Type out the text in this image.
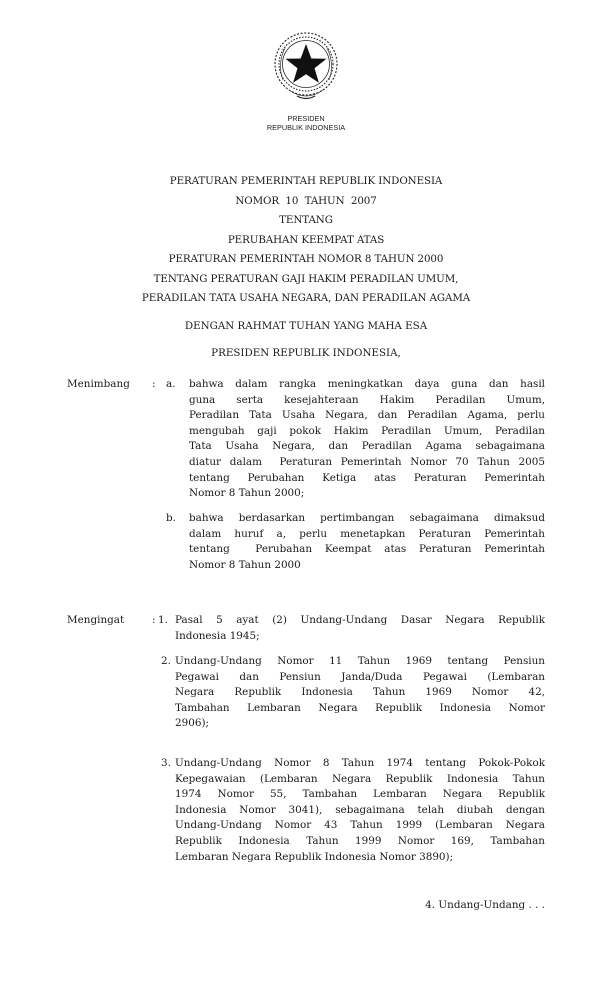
PRESIDEN
REPUBLIK INDONESIA
PERATURAN PEMERINTAH REPUBLIK INDONESIA
NOMOR  10  TAHUN  2007
TENTANG
PERUBAHAN KEEMPAT ATAS
PERATURAN PEMERINTAH NOMOR 8 TAHUN 2000
TENTANG PERATURAN GAJI HAKIM PERADILAN UMUM,
PERADILAN TATA USAHA NEGARA, DAN PERADILAN AGAMA
DENGAN RAHMAT TUHAN YANG MAHA ESA
PRESIDEN REPUBLIK INDONESIA,
Menimbang : a. bahwa dalam rangka meningkatkan daya guna dan hasil
guna serta kesejahteraan Hakim Peradilan Umum,
Peradilan Tata Usaha Negara, dan Peradilan Agama, perlu
mengubah gaji pokok Hakim Peradilan Umum, Peradilan
Tata Usaha Negara, dan Peradilan Agama sebagaimana
diatur dalam  Peraturan Pemerintah Nomor 70 Tahun 2005
tentang Perubahan Ketiga atas Peraturan Pemerintah
Nomor 8 Tahun 2000;
b. bahwa berdasarkan pertimbangan sebagaimana dimaksud
dalam huruf a, perlu menetapkan Peraturan Pemerintah
tentang  Perubahan Keempat atas Peraturan Pemerintah
Nomor 8 Tahun 2000
Mengingat	: 1. Pasal 5 ayat (2) Undang-Undang Dasar Negara Republik
Indonesia 1945;
2. Undang-Undang Nomor 11 Tahun 1969 tentang Pensiun
Pegawai dan Pensiun Janda/Duda Pegawai (Lembaran
Negara Republik Indonesia Tahun 1969 Nomor 42,
Tambahan Lembaran Negara Republik Indonesia Nomor
2906);
3. Undang-Undang Nomor 8 Tahun 1974 tentang Pokok-Pokok
Kepegawaian (Lembaran Negara Republik Indonesia Tahun
1974 Nomor 55, Tambahan Lembaran Negara Republik
Indonesia Nomor 3041), sebagaimana telah diubah dengan
Undang-Undang Nomor 43 Tahun 1999 (Lembaran Negara
Republik Indonesia Tahun 1999 Nomor 169, Tambahan
Lembaran Negara Republik Indonesia Nomor 3890);
4. Undang-Undang . . .
